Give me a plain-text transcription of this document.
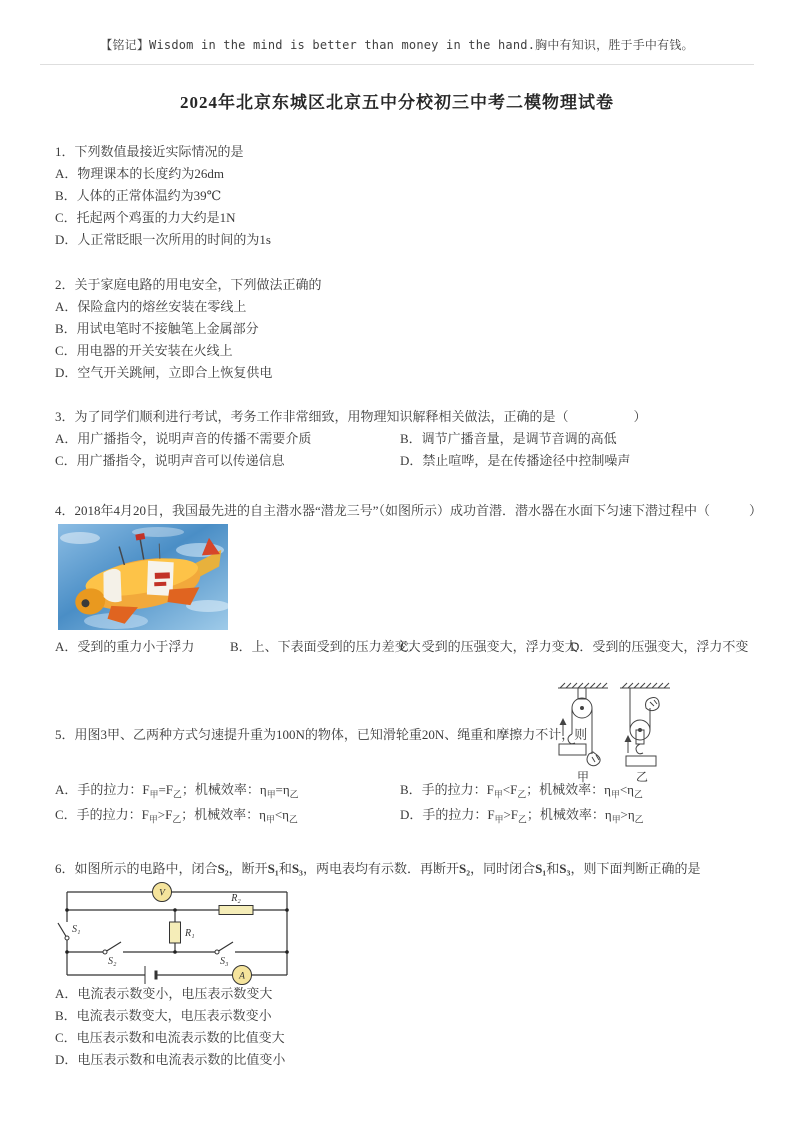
【铭记】Wisdom in the mind is better than money in the hand.胸中有知识，胜于手中有钱。
2024年北京东城区北京五中分校初三中考二模物理试卷
1．下列数值最接近实际情况的是
A．物理课本的长度约为26dm
B．人体的正常体温约为39℃
C．托起两个鸡蛋的力大约是1N
D．人正常眨眼一次所用的时间的为1s
2．关于家庭电路的用电安全，下列做法正确的
A．保险盒内的熔丝安装在零线上
B．用试电笔时不接触笔上金属部分
C．用电器的开关安装在火线上
D．空气开关跳闸，立即合上恢复供电
3．为了同学们顺利进行考试，考务工作非常细致，用物理知识解释相关做法，正确的是（　　　　　）
A．用广播指令，说明声音的传播不需要介质	B．调节广播音量，是调节音调的高低
C．用广播指令，说明声音可以传递信息	D．禁止喧哗，是在传播途径中控制噪声
4．2018年4月20日，我国最先进的自主潜水器“潜龙三号”（如图所示）成功首潜．潜水器在水面下匀速下潜过程中（　　　）
A．受到的重力小于浮力	B．上、下表面受到的压力差变大
C．受到的压强变大，浮力变大
D．受到的压强变大，浮力不变
甲	乙
5．用图3甲、乙两种方式匀速提升重为100N的物体，已知滑轮重20N、绳重和摩擦力不计，则
A．手的拉力：$F_甲=F_乙$；机械效率：$\eta_甲=\eta_乙$	B．手的拉力：$F_甲<F_乙$；机械效率：$\eta_甲<\eta_乙$
C．手的拉力：$F_甲>F_乙$；机械效率：$\eta_甲<\eta_乙$	D．手的拉力：$F_甲>F_乙$；机械效率：$\eta_甲>\eta_乙$
6．如图所示的电路中，闭合S₂，断开S₁和S₃，两电表均有示数．再断开S₂，同时闭合S₁和S₃，则下面判断正确的是
V
A
R₂
R₁
S₁
S₂	S₃
A．电流表示数变小，电压表示数变大
B．电流表示数变大，电压表示数变小
C．电压表示数和电流表示数的比值变大
D．电压表示数和电流表示数的比值变小
